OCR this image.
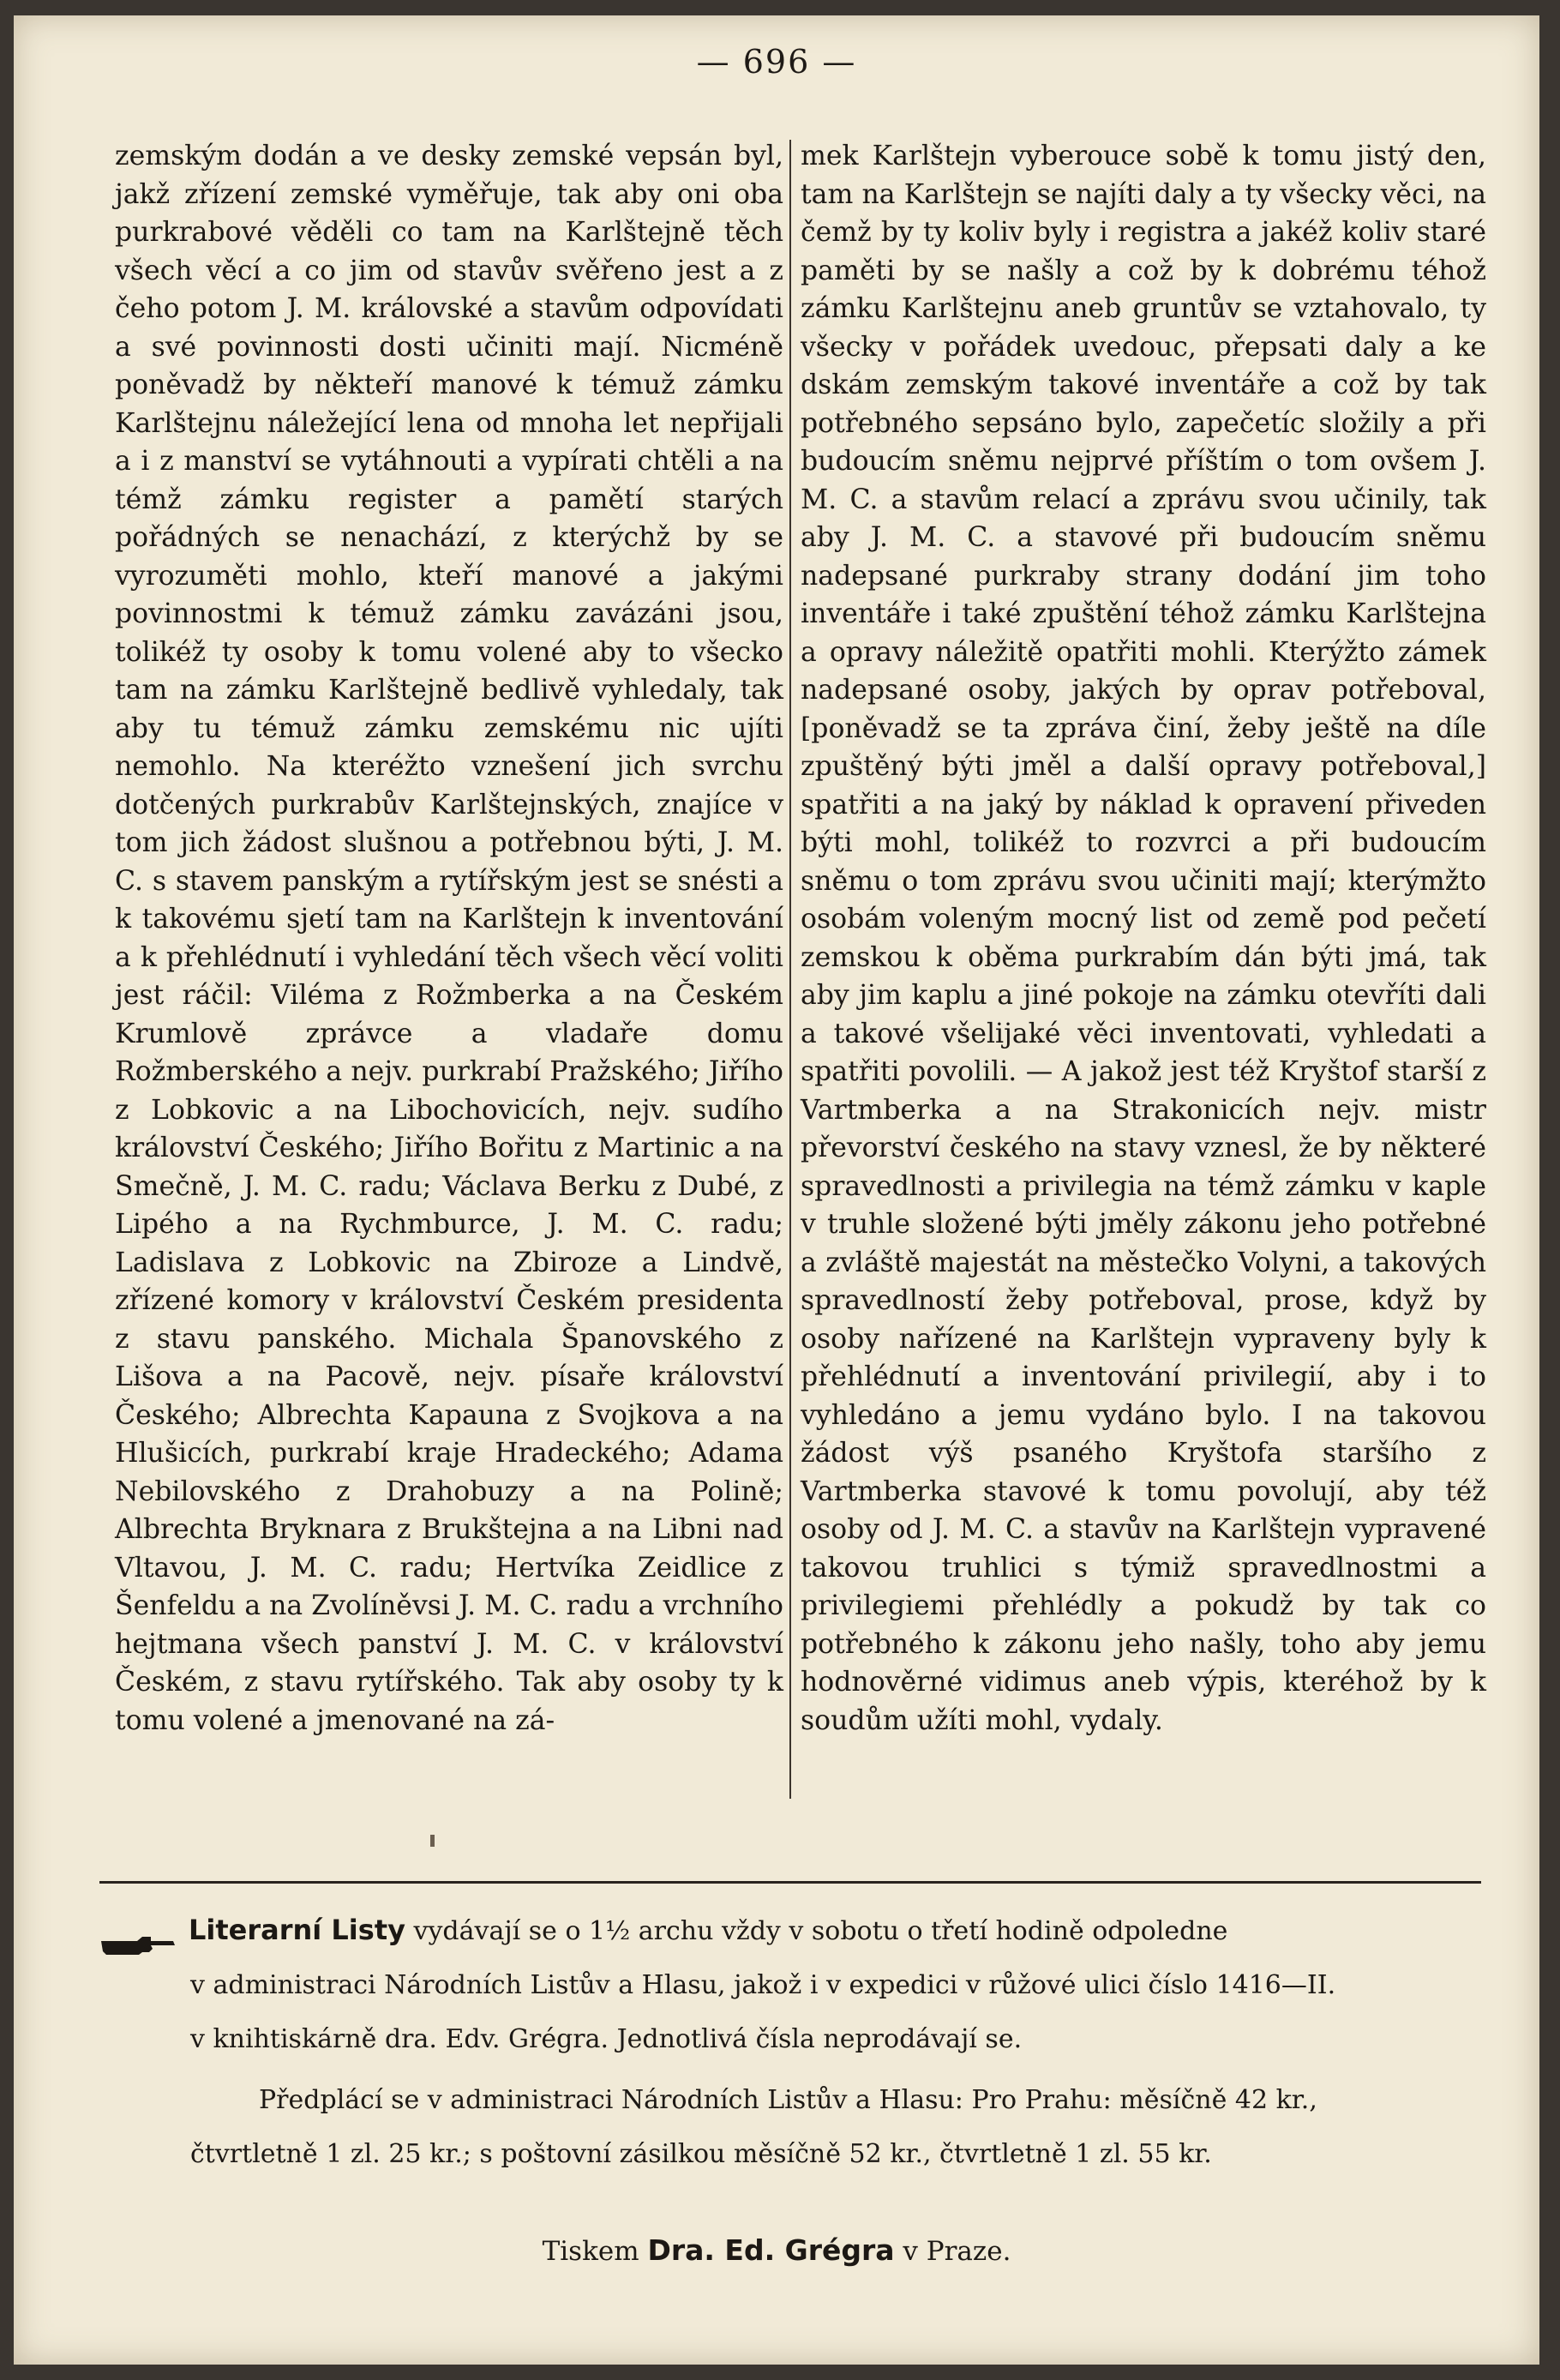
— 696 —

zemským dodán a ve desky zemské vepsán byl, jakž zřízení zemské vyměřuje, tak aby oni oba purkrabové věděli co tam na Karlštejně těch všech věcí a co jim od stavův svěřeno jest a z čeho potom J. M. královské a stavům odpovídati a své povinnosti dosti učiniti mají. Nicméně poněvadž by někteří manové k témuž zámku Karlštejnu náležející lena od mnoha let nepřijali a i z manství se vytáhnouti a vypírati chtěli a na témž zámku register a pamětí starých pořádných se nenachází, z kterýchž by se vyrozuměti mohlo, kteří manové a jakými povinnostmi k témuž zámku zavázáni jsou, tolikéž ty osoby k tomu volené aby to všecko tam na zámku Karlštejně bedlivě vyhledaly, tak aby tu témuž zámku zemskému nic ujíti nemohlo. Na kteréžto vznešení jich svrchu dotčených purkrabův Karlštejnských, znajíce v tom jich žádost slušnou a potřebnou býti, J. M. C. s stavem panským a rytířským jest se snésti a k takovému sjetí tam na Karlštejn k inventování a k přehlédnutí i vyhledání těch všech věcí voliti jest ráčil: Viléma z Rožmberka a na Českém Krumlově zprávce a vladaře domu Rožmberského a nejv. purkrabí Pražského; Jiřího z Lobkovic a na Libochovicích, nejv. sudího království Českého; Jiřího Bořitu z Martinic a na Smečně, J. M. C. radu; Václava Berku z Dubé, z Lipého a na Rychmburce, J. M. C. radu; Ladislava z Lobkovic na Zbiroze a Lindvě, zřízené komory v království Českém presidenta z stavu panského. Michala Španovského z Lišova a na Pacově, nejv. písaře království Českého; Albrechta Kapauna z Svojkova a na Hlušicích, purkrabí kraje Hradeckého; Adama Nebilovského z Drahobuzy a na Polině; Albrechta Bryknara z Brukštejna a na Libni nad Vltavou, J. M. C. radu; Hertvíka Zeidlice z Šenfeldu a na Zvolíněvsi J. M. C. radu a vrchního hejtmana všech panství J. M. C. v království Českém, z stavu rytířského. Tak aby osoby ty k tomu volené a jmenované na zá-

mek Karlštejn vyberouce sobě k tomu jistý den, tam na Karlštejn se najíti daly a ty všecky věci, na čemž by ty koliv byly i registra a jakéž koliv staré paměti by se našly a což by k dobrému téhož zámku Karlštejnu aneb gruntův se vztahovalo, ty všecky v pořádek uvedouc, přepsati daly a ke dskám zemským takové inventáře a což by tak potřebného sepsáno bylo, zapečetíc složily a při budoucím sněmu nejprvé příštím o tom ovšem J. M. C. a stavům relací a zprávu svou učinily, tak aby J. M. C. a stavové při budoucím sněmu nadepsané purkraby strany dodání jim toho inventáře i také zpuštění téhož zámku Karlštejna a opravy náležitě opatřiti mohli. Kterýžto zámek nadepsané osoby, jakých by oprav potřeboval, [poněvadž se ta zpráva činí, žeby ještě na díle zpuštěný býti jměl a další opravy potřeboval,] spatřiti a na jaký by náklad k opravení přiveden býti mohl, tolikéž to rozvrci a při budoucím sněmu o tom zprávu svou učiniti mají; kterýmžto osobám voleným mocný list od země pod pečetí zemskou k oběma purkrabím dán býti jmá, tak aby jim kaplu a jiné pokoje na zámku otevříti dali a takové všelijaké věci inventovati, vyhledati a spatřiti povolili. — A jakož jest též Kryštof starší z Vartmberka a na Strakonicích nejv. mistr převorství českého na stavy vznesl, že by některé spravedlnosti a privilegia na témž zámku v kaple v truhle složené býti jměly zákonu jeho potřebné a zvláště majestát na městečko Volyni, a takových spravedlností žeby potřeboval, prose, když by osoby nařízené na Karlštejn vypraveny byly k přehlédnutí a inventování privilegií, aby i to vyhledáno a jemu vydáno bylo. I na takovou žádost výš psaného Kryštofa staršího z Vartmberka stavové k tomu povolují, aby též osoby od J. M. C. a stavův na Karlštejn vypravené takovou truhlici s týmiž spravedlnostmi a privilegiemi přehlédly a pokudž by tak co potřebného k zákonu jeho našly, toho aby jemu hodnověrné vidimus aneb výpis, kteréhož by k soudům užíti mohl, vydaly.

Literarní Listy vydávají se o 1½ archu vždy v sobotu o třetí hodině odpoledne

v administraci Národních Listův a Hlasu, jakož i v expedici v růžové ulici číslo 1416—II.

v knihtiskárně dra. Edv. Grégra. Jednotlivá čísla neprodávají se.

Předplácí se v administraci Národních Listův a Hlasu: Pro Prahu: měsíčně 42 kr.,

čtvrtletně 1 zl. 25 kr.; s poštovní zásilkou měsíčně 52 kr., čtvrtletně 1 zl. 55 kr.

Tiskem Dra. Ed. Grégra v Praze.
